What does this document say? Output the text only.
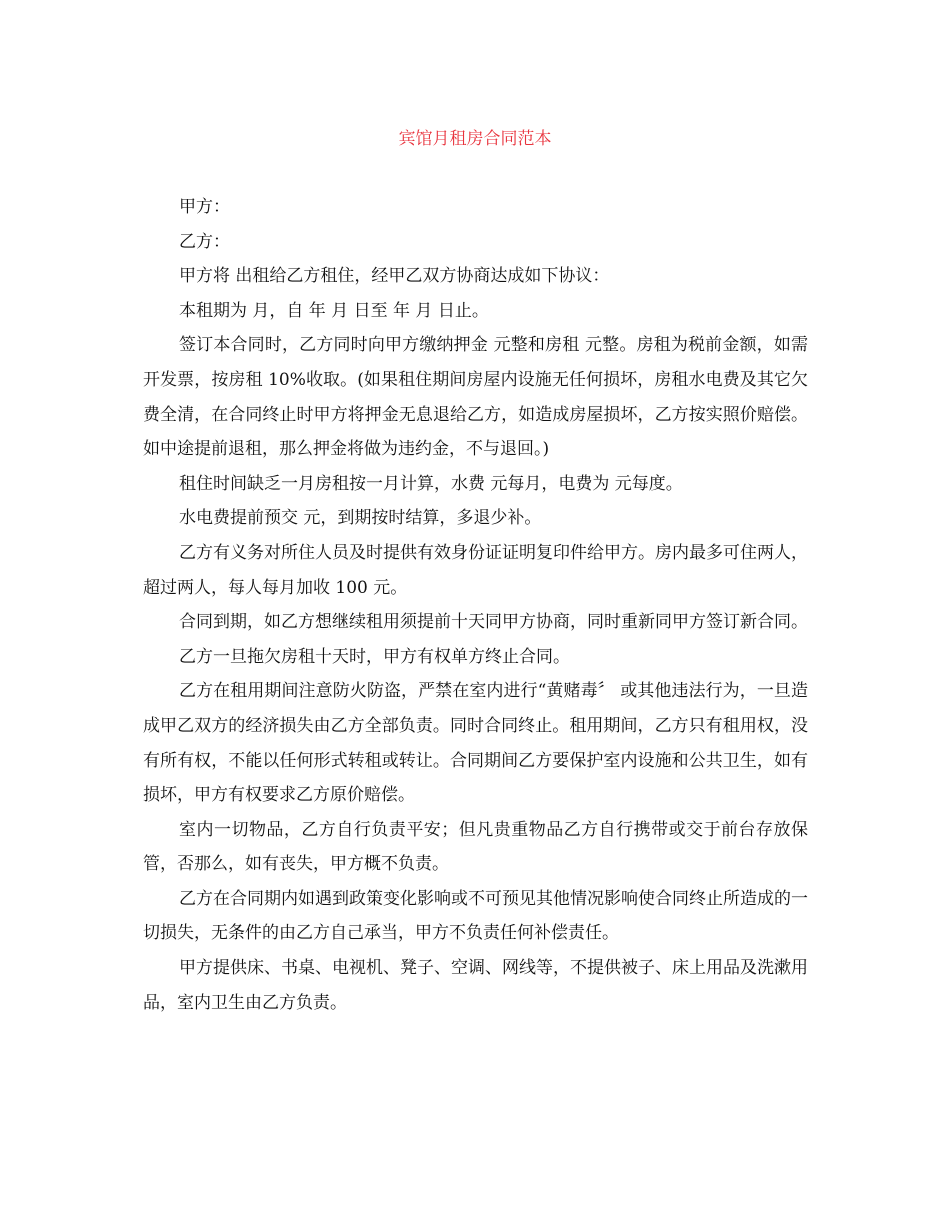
宾馆月租房合同范本

甲方：

乙方：

甲方将 出租给乙方租住，经甲乙双方协商达成如下协议：

本租期为 月，自 年 月 日至 年 月 日止。

签订本合同时，乙方同时向甲方缴纳押金 元整和房租 元整。房租为税前金额，如需开发票，按房租 10%收取。(如果租住期间房屋内设施无任何损坏，房租水电费及其它欠费全清，在合同终止时甲方将押金无息退给乙方，如造成房屋损坏，乙方按实照价赔偿。如中途提前退租，那么押金将做为违约金，不与退回。)

租住时间缺乏一月房租按一月计算，水费 元每月，电费为 元每度。

水电费提前预交 元，到期按时结算，多退少补。

乙方有义务对所住人员及时提供有效身份证证明复印件给甲方。房内最多可住两人，超过两人，每人每月加收 100 元。

合同到期，如乙方想继续租用须提前十天同甲方协商，同时重新同甲方签订新合同。

乙方一旦拖欠房租十天时，甲方有权单方终止合同。

乙方在租用期间注意防火防盗，严禁在室内进行“黄赌毒〞 或其他违法行为，一旦造成甲乙双方的经济损失由乙方全部负责。同时合同终止。租用期间，乙方只有租用权，没有所有权，不能以任何形式转租或转让。合同期间乙方要保护室内设施和公共卫生，如有损坏，甲方有权要求乙方原价赔偿。

室内一切物品，乙方自行负责平安；但凡贵重物品乙方自行携带或交于前台存放保管，否那么，如有丧失，甲方概不负责。

乙方在合同期内如遇到政策变化影响或不可预见其他情况影响使合同终止所造成的一切损失，无条件的由乙方自己承当，甲方不负责任何补偿责任。

甲方提供床、书桌、电视机、凳子、空调、网线等，不提供被子、床上用品及洗漱用品，室内卫生由乙方负责。
